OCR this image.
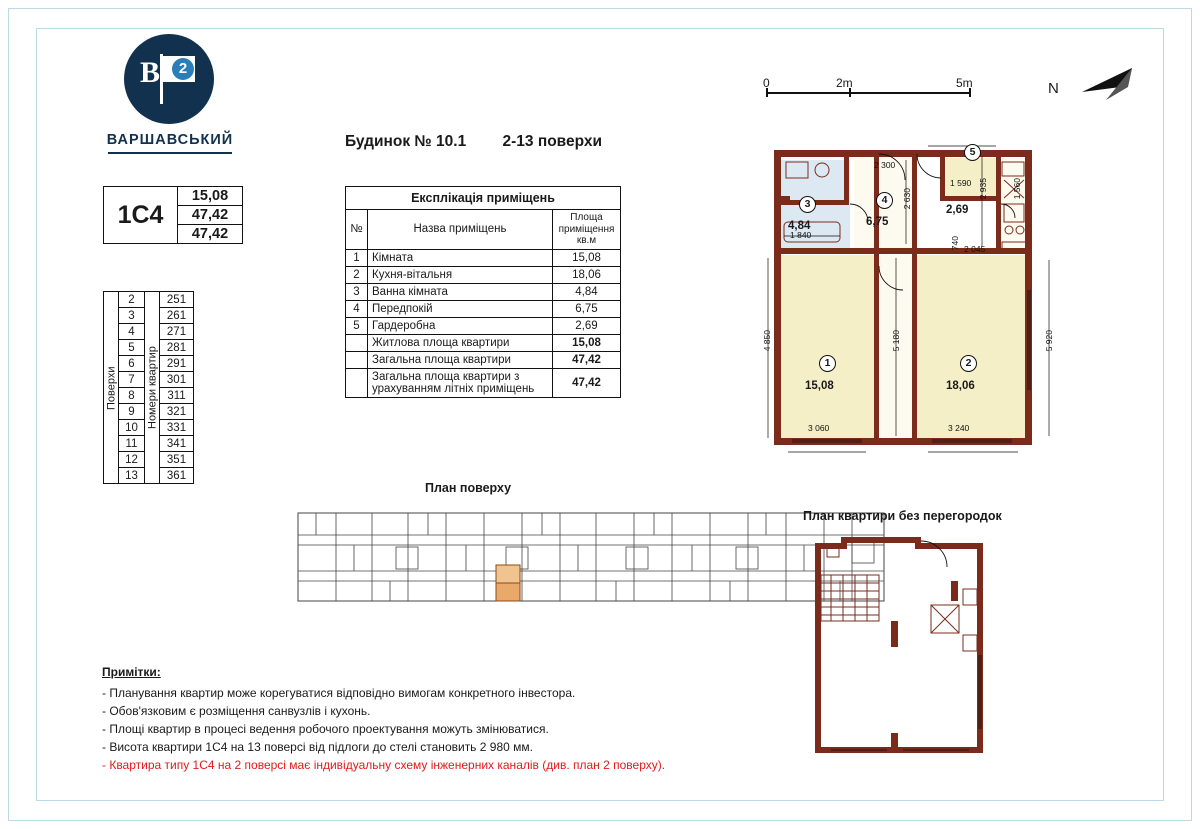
В	2
ВАРШАВСЬКИЙ	Будинок № 10.1 2-13 поверхи
1С4
15,08
47,42
47,42
Поверхи	2	Номери квартир	251
	3		261
	4		271
	5		281
	6		291
	7		301
	8		311
	9		321
	10		331
	11		341
	12		351
	13		361
Експлікація приміщень		
№	Назва приміщень	Площа приміщення кв.м
1	Кімната	15,08
2	Кухня-вітальня	18,06
3	Ванна кімната	4,84
4	Передпокій	6,75
5	Гардеробна	2,69
	Житлова площа квартири	15,08
	Загальна площа квартири	47,42
	Загальна площа квартири з урахуванням літніх приміщень	47,42
0	2m	5m	N
1
15,08
2
18,06
3
4,84
4
6,75
5
2,69
3 060
4 850
3 240
5 920
5 180
2 300
2 935
2 630
1 840
1 590	1 560
2 045
740
План поверху
План квартири без перегородок
Примітки:
- Планування квартир може корегуватися відповідно вимогам конкретного інвестора.
- Обов'язковим є розміщення санвузлів і кухонь.
- Площі квартир в процесі ведення робочого проектування можуть змінюватися.
- Висота квартири 1С4 на 13 поверсі від підлоги до стелі становить 2 980 мм.
- Квартира типу 1С4 на 2 поверсі має індивідуальну схему інженерних каналів (див. план 2 поверху).
